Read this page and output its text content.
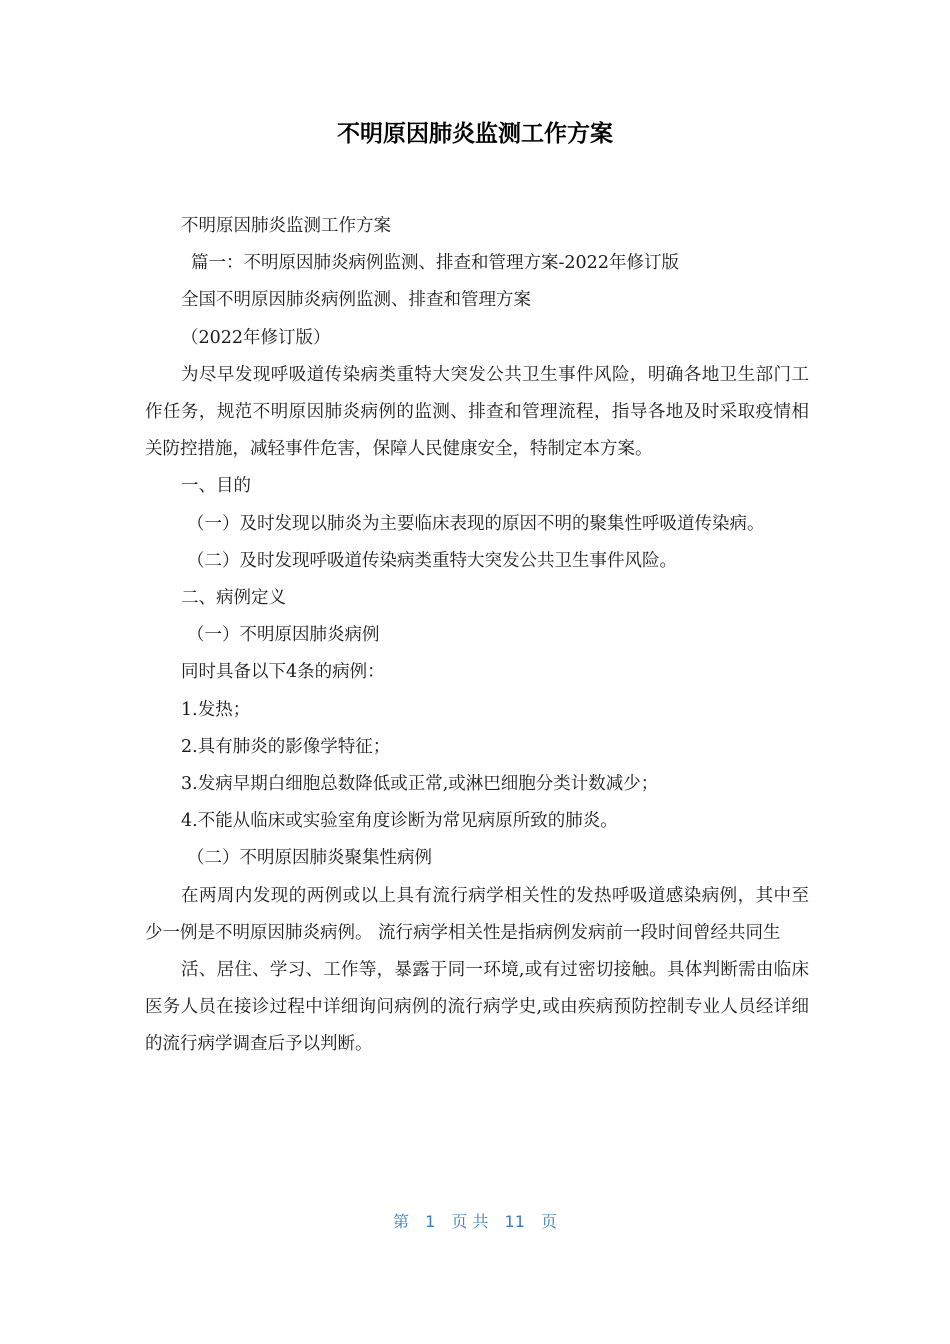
不明原因肺炎监测工作方案

不明原因肺炎监测工作方案

篇一：不明原因肺炎病例监测、排查和管理方案-2022年修订版

全国不明原因肺炎病例监测、排查和管理方案

（2022年修订版）

为尽早发现呼吸道传染病类重特大突发公共卫生事件风险，明确各地卫生部门工作任务，规范不明原因肺炎病例的监测、排查和管理流程，指导各地及时采取疫情相关防控措施，减轻事件危害，保障人民健康安全，特制定本方案。

一、目的

（一）及时发现以肺炎为主要临床表现的原因不明的聚集性呼吸道传染病。

（二）及时发现呼吸道传染病类重特大突发公共卫生事件风险。

二、病例定义

（一）不明原因肺炎病例

同时具备以下4条的病例：

1.发热；

2.具有肺炎的影像学特征；

3.发病早期白细胞总数降低或正常,或淋巴细胞分类计数减少；

4.不能从临床或实验室角度诊断为常见病原所致的肺炎。

（二）不明原因肺炎聚集性病例

在两周内发现的两例或以上具有流行病学相关性的发热呼吸道感染病例，其中至少一例是不明原因肺炎病例。 流行病学相关性是指病例发病前一段时间曾经共同生

活、居住、学习、工作等，暴露于同一环境,或有过密切接触。具体判断需由临床医务人员在接诊过程中详细询问病例的流行病学史,或由疾病预防控制专业人员经详细的流行病学调查后予以判断。

第 1 页 共 11 页
